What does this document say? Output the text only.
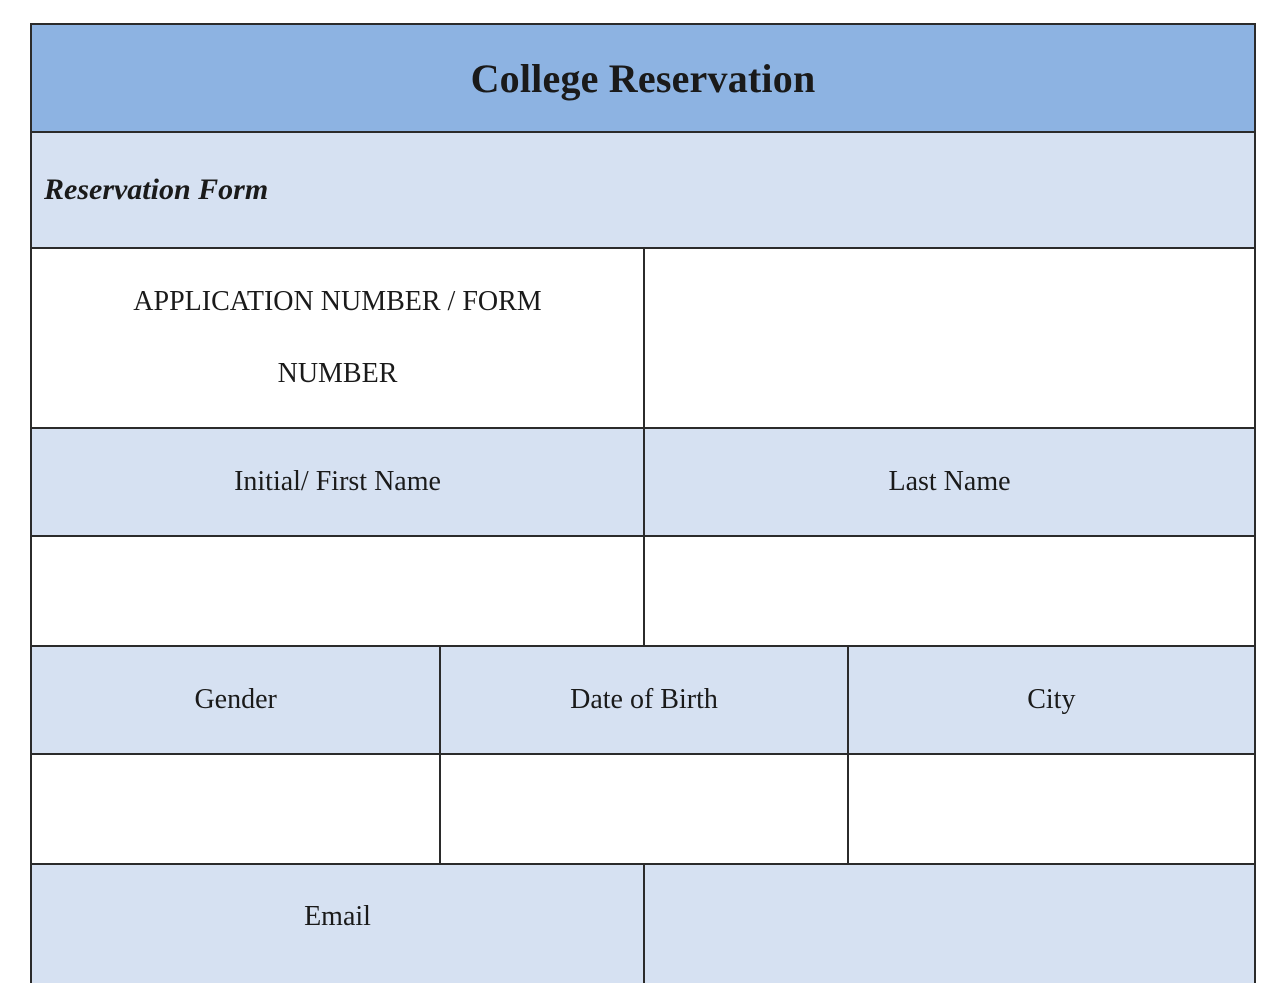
College Reservation
Reservation Form
APPLICATION NUMBER / FORM NUMBER
Initial/ First Name	Last Name
Gender	Date of Birth	City
Email
